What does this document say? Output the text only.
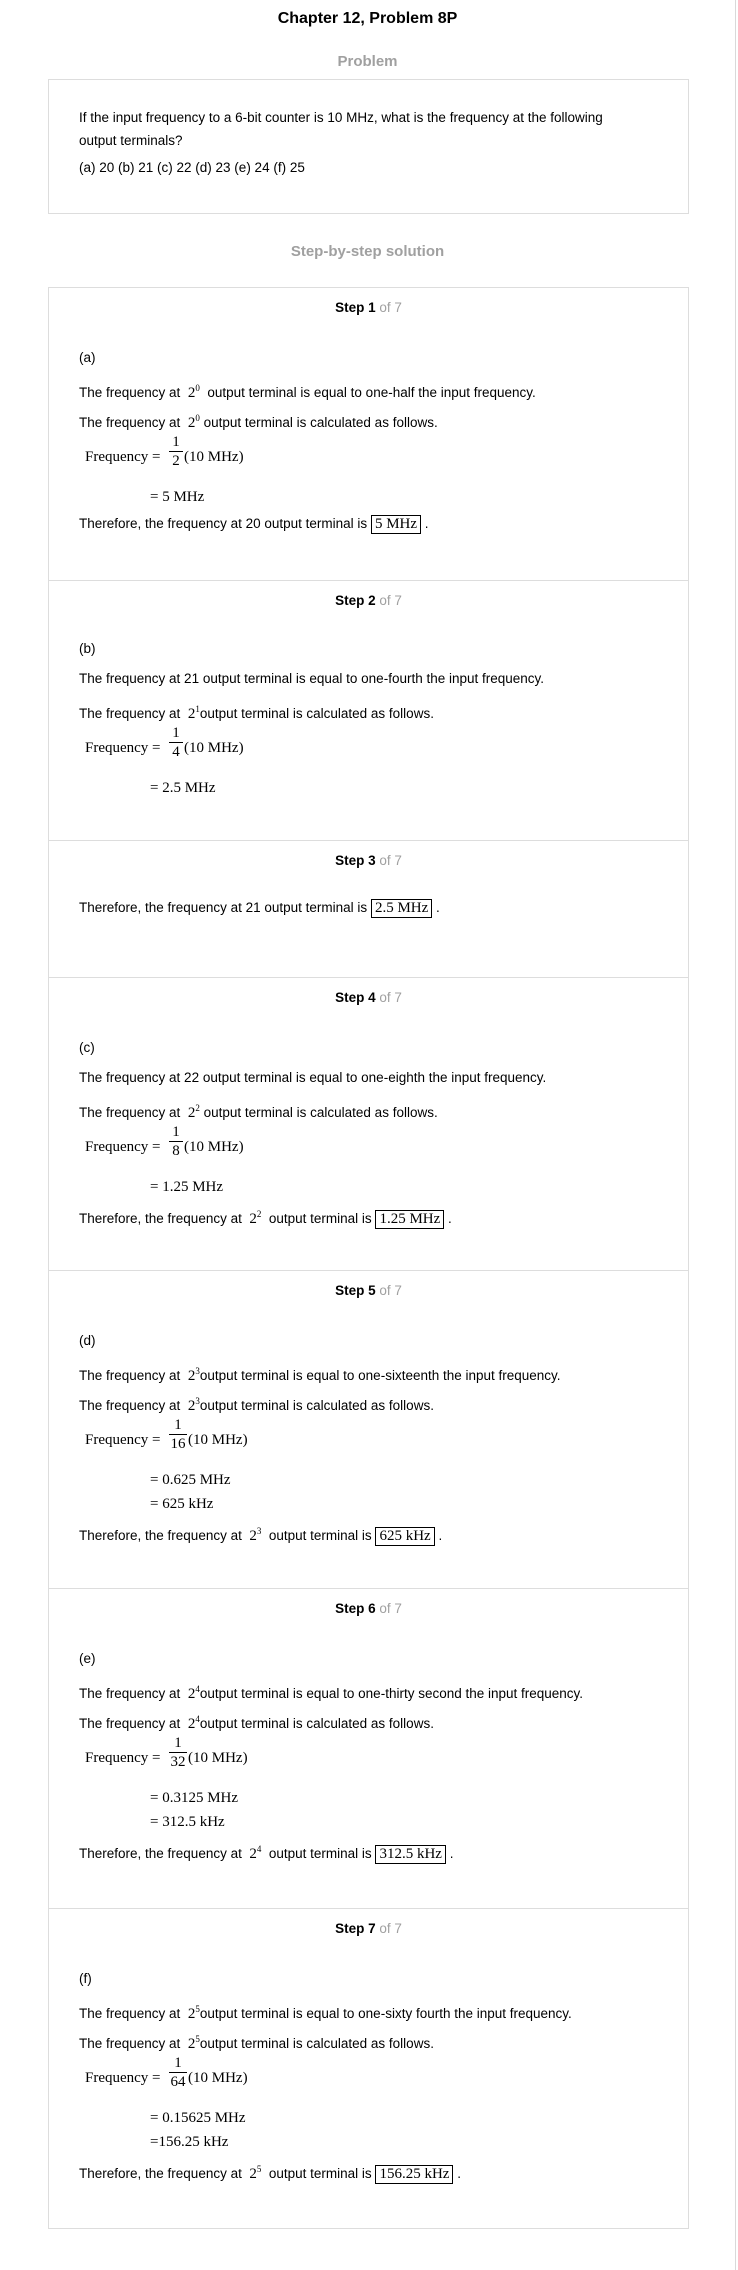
Chapter 12, Problem 8P
Problem

If the input frequency to a 6-bit counter is 10 MHz, what is the frequency at the following
output terminals?

(a) 20 (b) 21 (c) 22 (d) 23 (e) 24 (f) 25

Step-by-step solution
Step 1 of 7
(a)
The frequency at $2^0$ output terminal is equal to one-half the input frequency.
The frequency at $2^0$ output terminal is calculated as follows.
Frequency =
1
2 (10 MHz)
= 5 MHz
Therefore, the frequency at 20 output terminal is 5 MHz .
Step 2 of 7
(b)
The frequency at 21 output terminal is equal to one-fourth the input frequency.
The frequency at $2^1output$ terminal is calculated as follows.
Frequency =
1
4 (10 MHz)
= 2.5 MHz
Step 3 of 7
Therefore, the frequency at 21 output terminal is 2.5 MHz .
Step 4 of 7
(c)
The frequency at 22 output terminal is equal to one-eighth the input frequency.
The frequency at $2^2$ output terminal is calculated as follows.
Frequency =
1
8 (10 MHz)
= 1.25 MHz
Therefore, the frequency at $2^2$ output terminal is 1.25 MHz .
Step 5 of 7
(d)
The frequency at $2^3output$ terminal is equal to one-sixteenth the input frequency.
The frequency at $2^3output$ terminal is calculated as follows.
Frequency =
1
16 (10 MHz)
= 0.625 MHz
= 625 kHz
Therefore, the frequency at $2^3$ output terminal is 625 kHz .
Step 6 of 7
(e)
The frequency at $2^4output$ terminal is equal to one-thirty second the input frequency.
The frequency at $2^4output$ terminal is calculated as follows.
Frequency =
1
32 (10 MHz)
= 0.3125 MHz
= 312.5 kHz
Therefore, the frequency at $2^4$ output terminal is 312.5 kHz .
Step 7 of 7
(f)
The frequency at $2^5output$ terminal is equal to one-sixty fourth the input frequency.
The frequency at $2^5output$ terminal is calculated as follows.
Frequency =
1
64 (10 MHz)
= 0.15625 MHz
=156.25 kHz
Therefore, the frequency at $2^5$ output terminal is 156.25 kHz .
